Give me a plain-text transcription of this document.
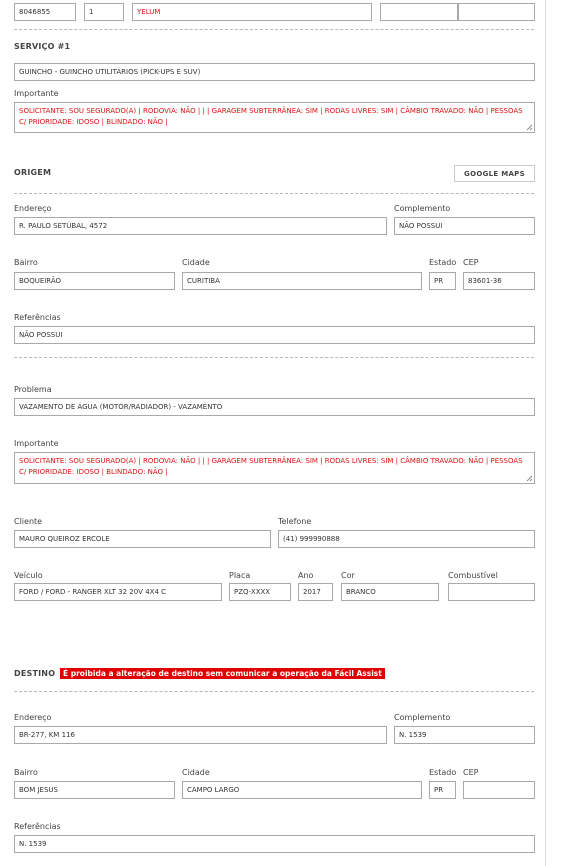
8046855	1	YELUM
SERVIÇO #1
GUINCHO - GUINCHO UTILITÁRIOS (PICK-UPS E SUV)
Importante
SOLICITANTE: SOU SEGURADO(A) | RODOVIA: NÃO | | | GARAGEM SUBTERRÂNEA: SIM | RODAS LIVRES: SIM | CÂMBIO TRAVADO: NÃO | PESSOAS C/ PRIORIDADE: IDOSO | BLINDADO: NÃO |
ORIGEM	GOOGLE MAPS
Endereço
R. PAULO SETÚBAL, 4572
Complemento
NÃO POSSUI
Bairro
BOQUEIRÃO
Cidade
CURITIBA
Estado
PR
CEP
83601-36
Referências
NÃO POSSUI
Problema
VAZAMENTO DE ÁGUA (MOTOR/RADIADOR) - VAZAMENTO
Importante
SOLICITANTE: SOU SEGURADO(A) | RODOVIA: NÃO | | | GARAGEM SUBTERRÂNEA: SIM | RODAS LIVRES: SIM | CÂMBIO TRAVADO: NÃO | PESSOAS C/ PRIORIDADE: IDOSO | BLINDADO: NÃO |
Cliente
MAURO QUEIROZ ERCOLE
Telefone
(41) 999990888
Veículo
FORD / FORD - RANGER XLT 32 20V 4X4 C
Placa
PZQ-XXXX
Ano
2017
Cor
BRANCO
Combustível
DESTINO	É proibida a alteração de destino sem comunicar a operação da Fácil Assist
Endereço
BR-277, KM 116
Complemento
N. 1539
Bairro
BOM JESUS
Cidade
CAMPO LARGO
Estado
PR
CEP
Referências
N. 1539
